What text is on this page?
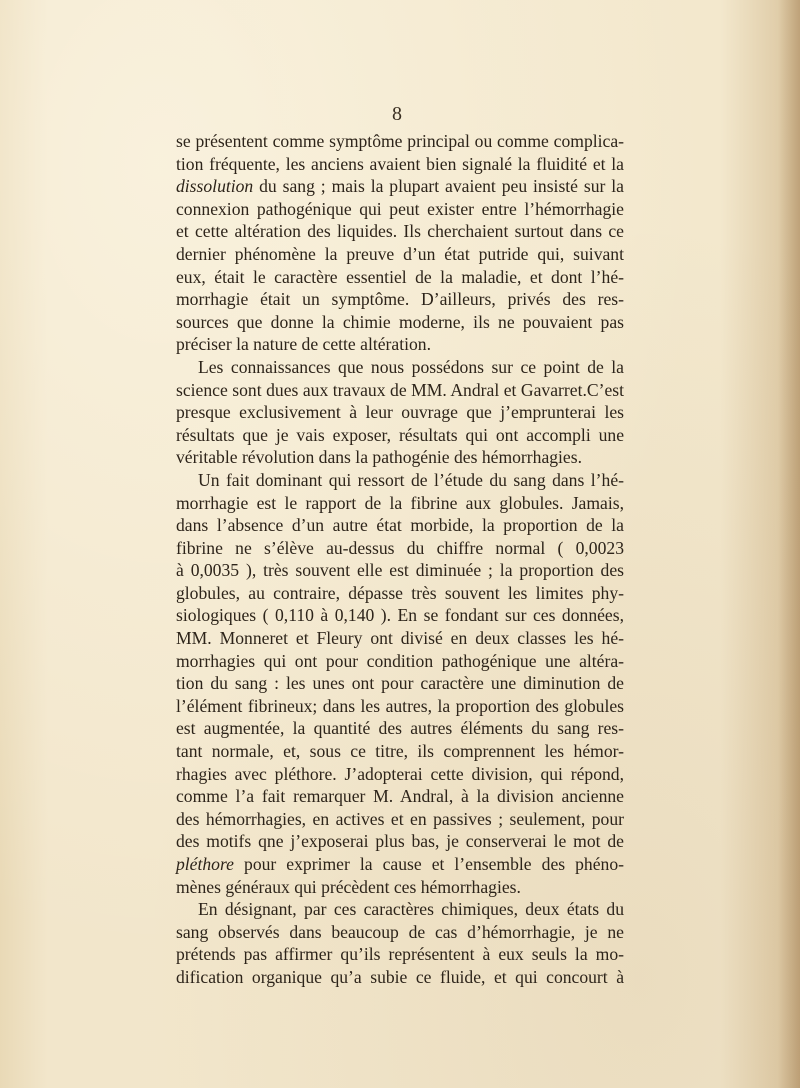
8
se présentent comme symptôme principal ou comme complica-
tion fréquente, les anciens avaient bien signalé la fluidité et la
dissolution du sang ; mais la plupart avaient peu insisté sur la
connexion pathogénique qui peut exister entre l’hémorrhagie
et cette altération des liquides. Ils cherchaient surtout dans ce
dernier phénomène la preuve d’un état putride qui, suivant
eux, était le caractère essentiel de la maladie, et dont l’hé-
morrhagie était un symptôme. D’ailleurs, privés des res-
sources que donne la chimie moderne, ils ne pouvaient pas
préciser la nature de cette altération.
Les connaissances que nous possédons sur ce point de la
science sont dues aux travaux de MM. Andral et Gavarret.C’est
presque exclusivement à leur ouvrage que j’emprunterai les
résultats que je vais exposer, résultats qui ont accompli une
véritable révolution dans la pathogénie des hémorrhagies.
Un fait dominant qui ressort de l’étude du sang dans l’hé-
morrhagie est le rapport de la fibrine aux globules. Jamais,
dans l’absence d’un autre état morbide, la proportion de la
fibrine ne s’élève au-dessus du chiffre normal ( 0,0023
à 0,0035 ), très souvent elle est diminuée ; la proportion des
globules, au contraire, dépasse très souvent les limites phy-
siologiques ( 0,110 à 0,140 ). En se fondant sur ces données,
MM. Monneret et Fleury ont divisé en deux classes les hé-
morrhagies qui ont pour condition pathogénique une altéra-
tion du sang : les unes ont pour caractère une diminution de
l’élément fibrineux; dans les autres, la proportion des globules
est augmentée, la quantité des autres éléments du sang res-
tant normale, et, sous ce titre, ils comprennent les hémor-
rhagies avec pléthore. J’adopterai cette division, qui répond,
comme l’a fait remarquer M. Andral, à la division ancienne
des hémorrhagies, en actives et en passives ; seulement, pour
des motifs qne j’exposerai plus bas, je conserverai le mot de
pléthore pour exprimer la cause et l’ensemble des phéno-
mènes généraux qui précèdent ces hémorrhagies.
En désignant, par ces caractères chimiques, deux états du
sang observés dans beaucoup de cas d’hémorrhagie, je ne
prétends pas affirmer qu’ils représentent à eux seuls la mo-
dification organique qu’a subie ce fluide, et qui concourt à
